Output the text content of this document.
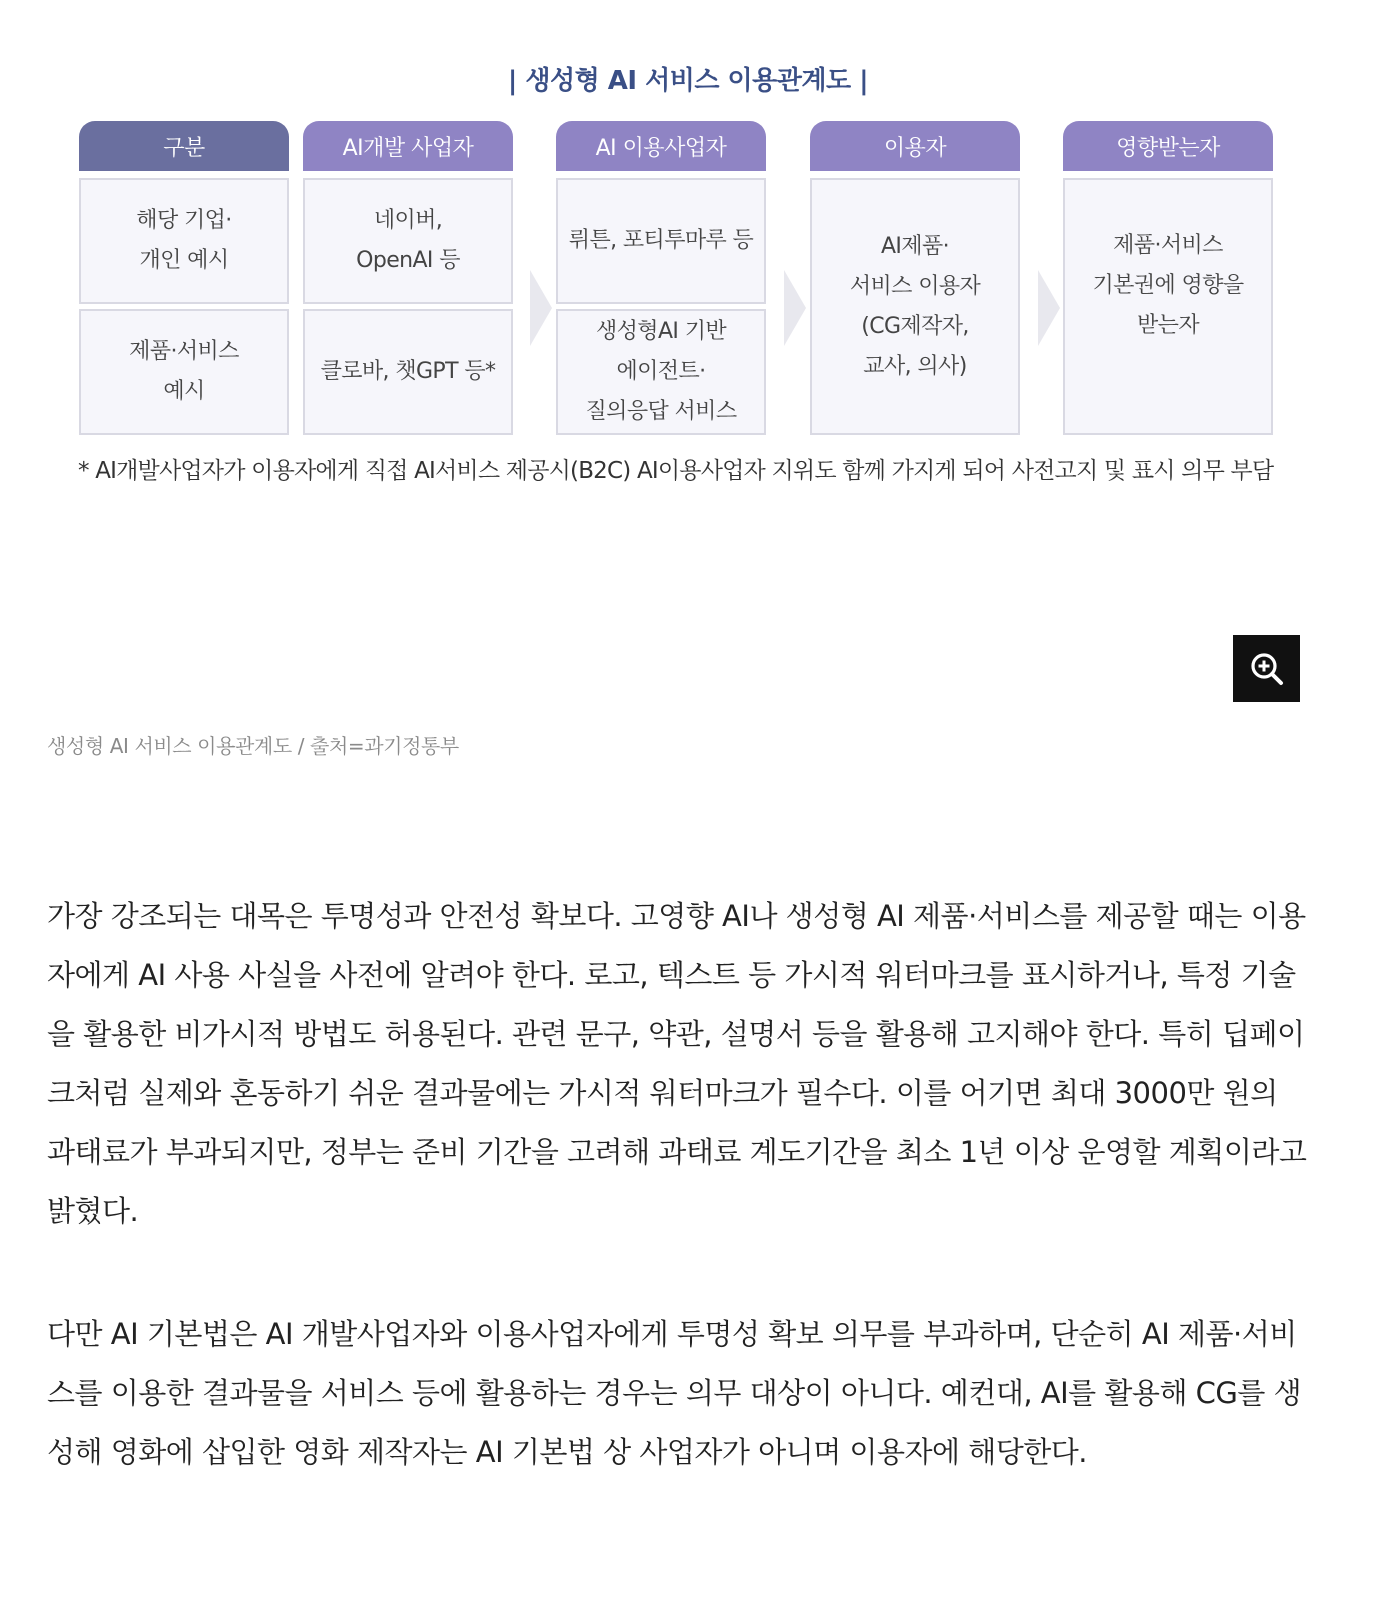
| 생성형 AI 서비스 이용관계도 |
구분
해당 기업·
개인 예시
제품·서비스
예시
AI개발 사업자
네이버,
OpenAI 등
클로바, 챗GPT 등*
AI 이용사업자
뤼튼, 포티투마루 등
생성형AI 기반
에이전트·
질의응답 서비스
이용자
AI제품·
서비스 이용자
(CG제작자,
교사, 의사)
영향받는자
제품·서비스
기본권에 영향을
받는자
* AI개발사업자가 이용자에게 직접 AI서비스 제공시(B2C) AI이용사업자 지위도 함께 가지게 되어 사전고지 및 표시 의무 부담
생성형 AI 서비스 이용관계도 / 출처=과기정통부

가장 강조되는 대목은 투명성과 안전성 확보다. 고영향 AI나 생성형 AI 제품·서비스를 제공할 때는 이용자에게 AI 사용 사실을 사전에 알려야 한다. 로고, 텍스트 등 가시적 워터마크를 표시하거나, 특정 기술을 활용한 비가시적 방법도 허용된다. 관련 문구, 약관, 설명서 등을 활용해 고지해야 한다. 특히 딥페이크처럼 실제와 혼동하기 쉬운 결과물에는 가시적 워터마크가 필수다. 이를 어기면 최대 3000만 원의 과태료가 부과되지만, 정부는 준비 기간을 고려해 과태료 계도기간을 최소 1년 이상 운영할 계획이라고 밝혔다.

다만 AI 기본법은 AI 개발사업자와 이용사업자에게 투명성 확보 의무를 부과하며, 단순히 AI 제품·서비스를 이용한 결과물을 서비스 등에 활용하는 경우는 의무 대상이 아니다. 예컨대, AI를 활용해 CG를 생성해 영화에 삽입한 영화 제작자는 AI 기본법 상 사업자가 아니며 이용자에 해당한다.
